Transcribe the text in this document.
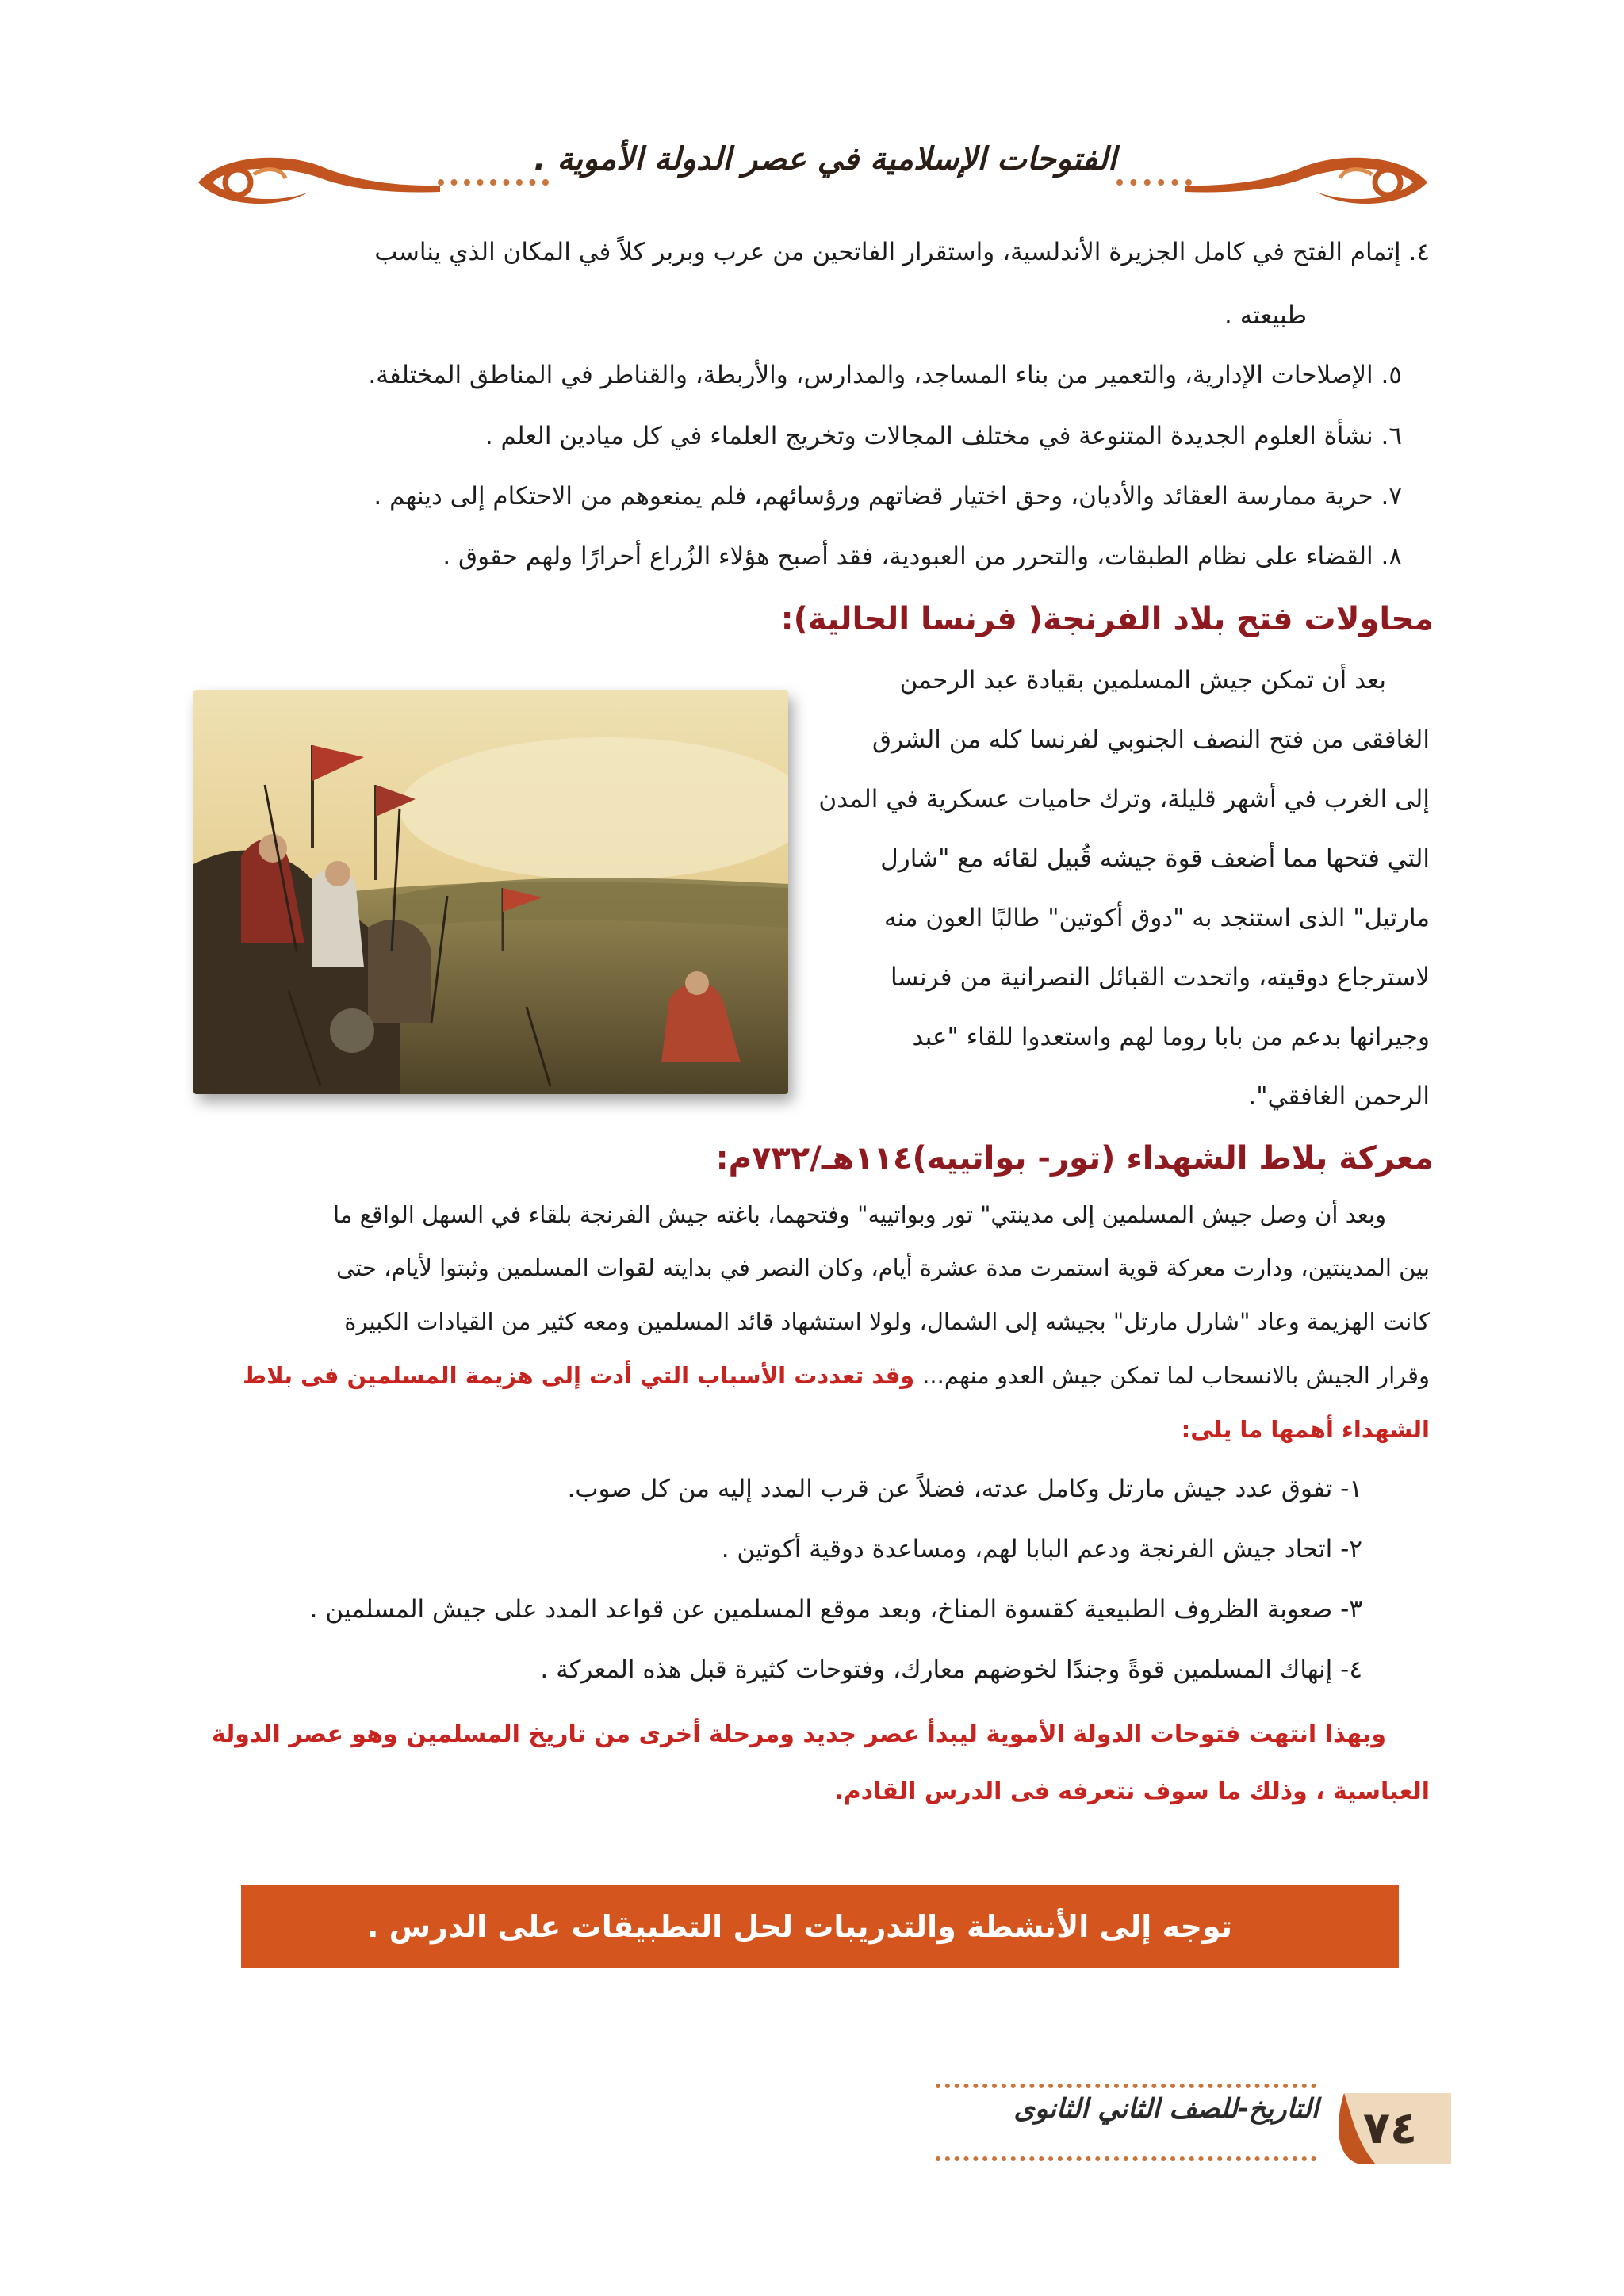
الفتوحات الإسلامية في عصر الدولة الأموية .
٤. إتمام الفتح في كامل الجزيرة الأندلسية، واستقرار الفاتحين من عرب وبربر كلاً في المكان الذي يناسب
طبيعته .
٥. الإصلاحات الإدارية، والتعمير من بناء المساجد، والمدارس، والأربطة، والقناطر في المناطق المختلفة.
٦. نشأة العلوم الجديدة المتنوعة في مختلف المجالات وتخريج العلماء في كل ميادين العلم .
٧. حرية ممارسة العقائد والأديان، وحق اختيار قضاتهم ورؤسائهم، فلم يمنعوهم من الاحتكام إلى دينهم .
٨. القضاء على نظام الطبقات، والتحرر من العبودية، فقد أصبح هؤلاء الزُراع أحرارًا ولهم حقوق .
محاولات فتح بلاد الفرنجة( فرنسا الحالية):
بعد أن تمكن جيش المسلمين بقيادة عبد الرحمن
الغافقى من فتح النصف الجنوبي لفرنسا كله من الشرق
إلى الغرب في أشهر قليلة، وترك حاميات عسكرية في المدن
التي فتحها مما أضعف قوة جيشه قُبيل لقائه مع "شارل
مارتيل" الذى استنجد به "دوق أكوتين" طالبًا العون منه
لاسترجاع دوقيته، واتحدت القبائل النصرانية من فرنسا
وجيرانها بدعم من بابا روما لهم واستعدوا للقاء "عبد
الرحمن الغافقي".
معركة بلاط الشهداء (تور- بواتييه)١١٤هـ/٧٣٢م:
وبعد أن وصل جيش المسلمين إلى مدينتي" تور وبواتييه" وفتحهما، باغته جيش الفرنجة بلقاء في السهل الواقع ما
بين المدينتين، ودارت معركة قوية استمرت مدة عشرة أيام، وكان النصر في بدايته لقوات المسلمين وثبتوا لأيام، حتى
كانت الهزيمة وعاد "شارل مارتل" بجيشه إلى الشمال، ولولا استشهاد قائد المسلمين ومعه كثير من القيادات الكبيرة
وقرار الجيش بالانسحاب لما تمكن جيش العدو منهم... وقد تعددت الأسباب التي أدت إلى هزيمة المسلمين فى بلاط
الشهداء أهمها ما يلى:
١- تفوق عدد جيش مارتل وكامل عدته، فضلاً عن قرب المدد إليه من كل صوب.
٢- اتحاد جيش الفرنجة ودعم البابا لهم، ومساعدة دوقية أكوتين .
٣- صعوبة الظروف الطبيعية كقسوة المناخ، وبعد موقع المسلمين عن قواعد المدد على جيش المسلمين .
٤- إنهاك المسلمين قوةً وجندًا لخوضهم معارك، وفتوحات كثيرة قبل هذه المعركة .
وبهذا انتهت فتوحات الدولة الأموية ليبدأ عصر جديد ومرحلة أخرى من تاريخ المسلمين وهو عصر الدولة
العباسية ، وذلك ما سوف نتعرفه فى الدرس القادم.
توجه إلى الأنشطة والتدريبات لحل التطبيقات على الدرس .
التاريخ-للصف الثاني الثانوى ٧٤
